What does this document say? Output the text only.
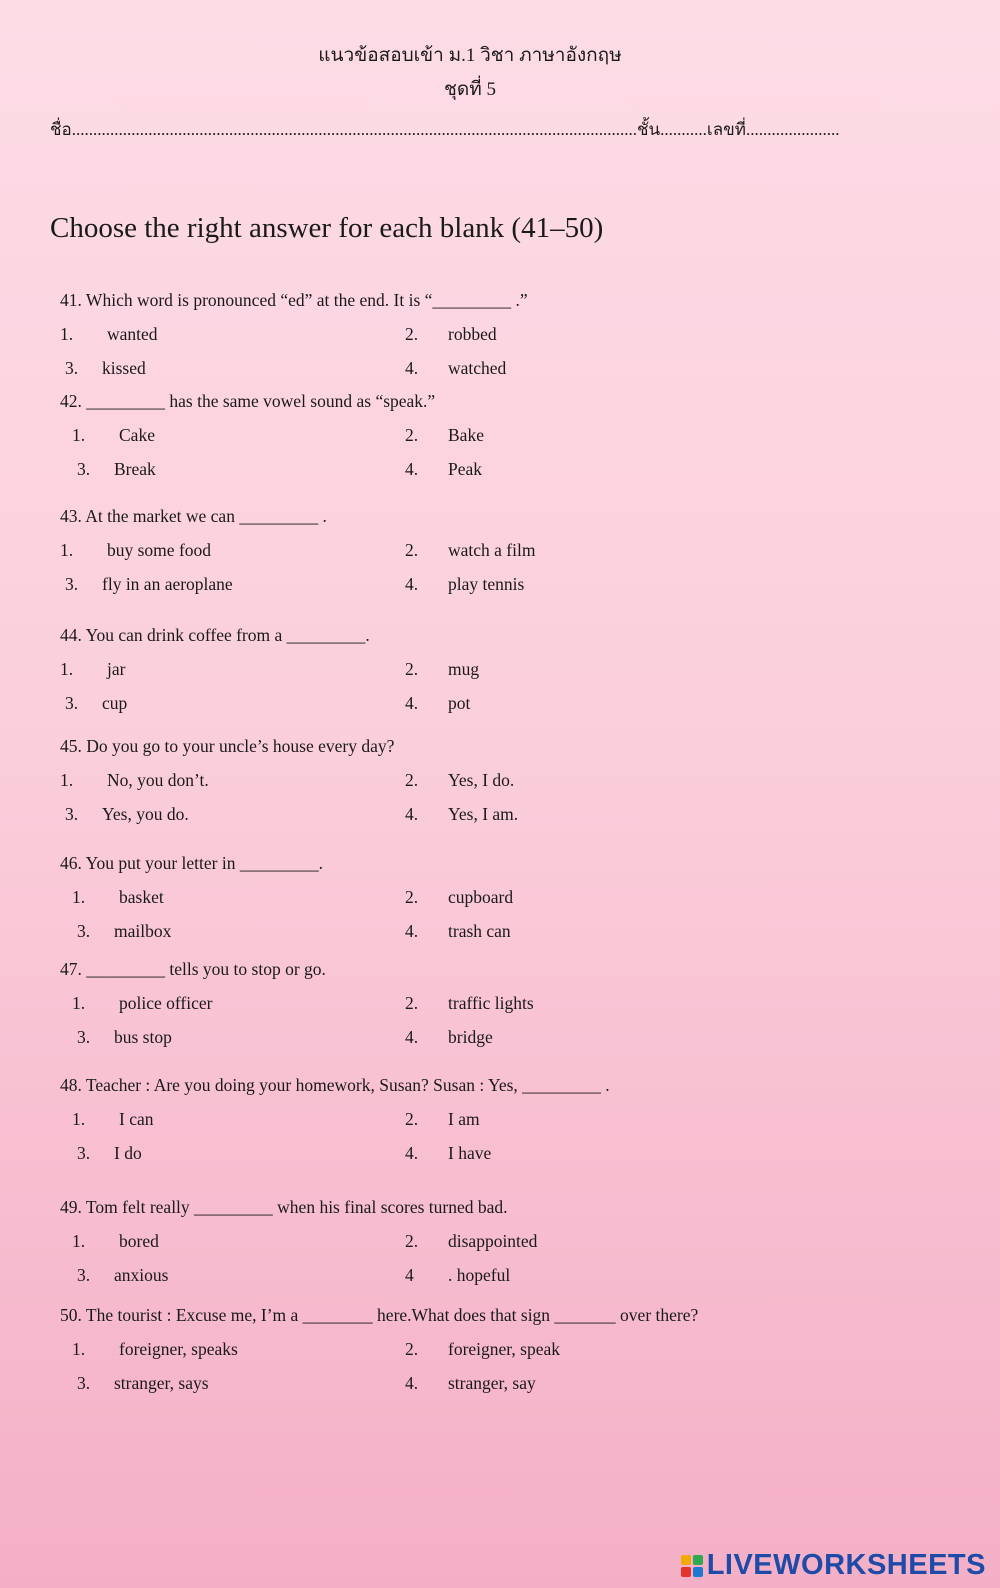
แนวข้อสอบเข้า ม.1 วิชา ภาษาอังกฤษ
ชุดที่ 5
ชื่อ.....................................................................................................................................ชั้น...........เลขที่......................
Choose the right answer for each blank (41–50)
41. Which word is pronounced “ed” at the end. It is “_________ .”
1. wanted	2. robbed
3. kissed	4. watched
42. _________ has the same vowel sound as “speak.”
1. Cake	2. Bake
3. Break	4. Peak
43. At the market we can _________ .
1. buy some food	2. watch a film
3. fly in an aeroplane	4. play tennis
44. You can drink coffee from a _________.
1. jar	2. mug
3. cup	4. pot
45. Do you go to your uncle’s house every day?
1. No, you don’t.	2. Yes, I do.
3. Yes, you do.	4. Yes, I am.
46. You put your letter in _________.
1. basket	2. cupboard
3. mailbox	4. trash can
47. _________ tells you to stop or go.
1. police officer	2. traffic lights
3. bus stop	4. bridge
48. Teacher : Are you doing your homework, Susan? Susan : Yes, _________ .
1. I can	2. I am
3. I do	4. I have
49. Tom felt really _________ when his final scores turned bad.
1. bored	2. disappointed
3. anxious	4 . hopeful
50. The tourist : Excuse me, I’m a ________ here.What does that sign _______ over there?
1. foreigner, speaks	2. foreigner, speak
3. stranger, says	4. stranger, say
LIVEWORKSHEETS
